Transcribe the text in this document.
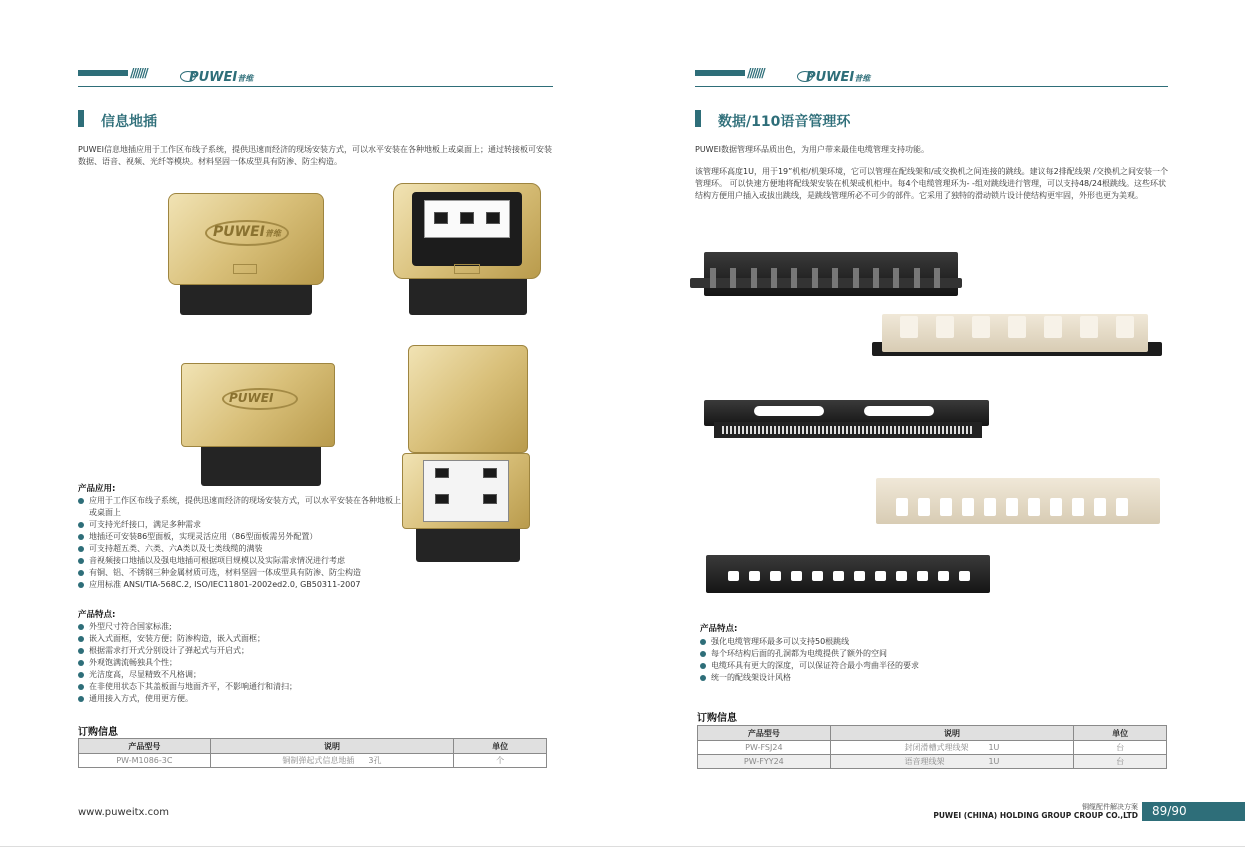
///////	PUWEI普维
信息地插
PUWEI信息地插应用于工作区布线子系统，提供迅速而经济的现场安装方式，可以水平安装在各种地板上或桌面上；通过转接板可安装数据、语音、视频、光纤等模块。材料坚固一体成型具有防渗、防尘构造。
PUWEI普维
PUWEI
产品应用:
应用于工作区布线子系统，提供迅速而经济的现场安装方式，可以水平安装在各种地板上或桌面上
可支持光纤接口，满足多种需求
地插还可安装86型面板，实现灵活应用（86型面板需另外配置）
可支持超五类、六类、六A类以及七类线缆的满装
音视频接口地插以及强电地插可根据项目规模以及实际需求情况进行考虑
有铜、铝、不锈钢三种金属材质可选，材料坚固一体成型具有防渗、防尘构造
应用标准 ANSI/TIA-568C.2, ISO/IEC11801-2002ed2.0, GB50311-2007
产品特点:
外型尺寸符合国家标准;
嵌入式面框，安装方便；防渗构造，嵌入式面框；
根据需求打开式分别设计了弹起式与开启式；
外观饱满流畅独具个性；
光洁度高，尽显精致不凡格调；
在非使用状态下其盖板面与地面齐平，不影响通行和清扫；
通用接入方式，使用更方便。
订购信息
产品型号	说明	单位
PW-M1086-3C	铜制弹起式信息地插 3孔	个
www.puweitx.com
///////	PUWEI普维
数据/110语音管理环
PUWEI数据管理环品质出色，为用户带来最佳电缆管理支持功能。
该管理环高度1U，用于19”机柜/机架环境，它可以管理在配线架和/或交换机之间连接的跳线。建议每2排配线架 /交换机之间安装一个管理环。 可以快速方便地将配线架安装在机架或机柜中。每4个电缆管理环为- -组对跳线进行管理，可以支持48/24根跳线。这些环状结构方便用户插入或拔出跳线，是跳线管理所必不可少的部件。它采用了独特的滑动锁片设计使结构更牢固，外形也更为美观。
产品特点:
强化电缆管理环最多可以支持50根跳线
每个环结构后面的孔洞都为电缆提供了额外的空间
电缆环具有更大的深度，可以保证符合最小弯曲半径的要求
统一的配线架设计风格
订购信息
产品型号	说明	单位
PW-FSJ24	封闭滑槽式理线架 1U	台
PW-FYY24	语音理线架 1U	台
铜缆配件解决方案
PUWEI (CHINA) HOLDING GROUP CROUP CO.,LTD	89/90
